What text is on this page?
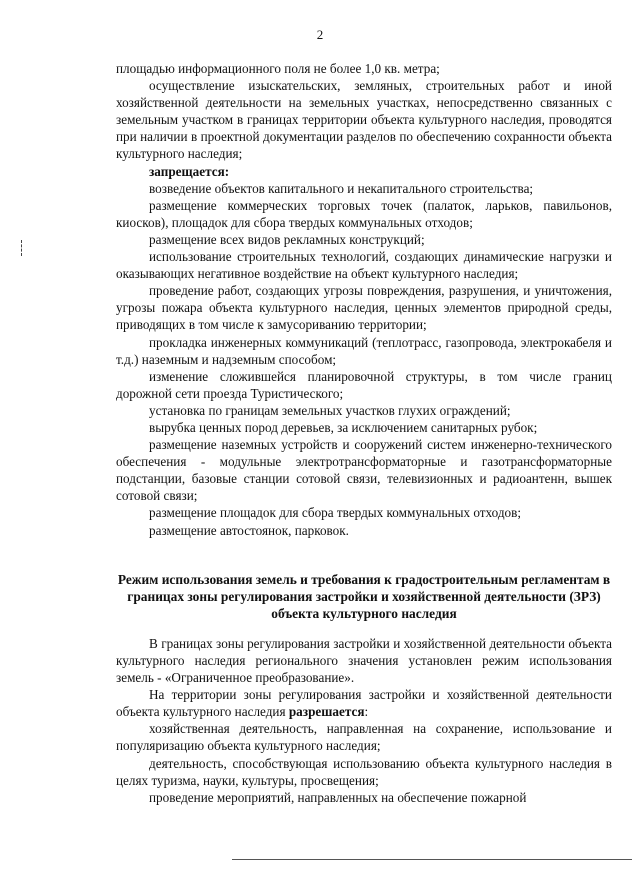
2

площадью информационного поля не более 1,0 кв. метра;

осуществление изыскательских, земляных, строительных работ и иной хозяйственной деятельности на земельных участках, непосредственно связанных с земельным участком в границах территории объекта культурного наследия, проводятся при наличии в проектной документации разделов по обеспечению сохранности объекта культурного наследия;

запрещается:

возведение объектов капитального и некапитального строительства;

размещение коммерческих торговых точек (палаток, ларьков, павильонов, киосков), площадок для сбора твердых коммунальных отходов;

размещение всех видов рекламных конструкций;

использование строительных технологий, создающих динамические нагрузки и оказывающих негативное воздействие на объект культурного наследия;

проведение работ, создающих угрозы повреждения, разрушения, и уничтожения, угрозы пожара объекта культурного наследия, ценных элементов природной среды, приводящих в том числе к замусориванию территории;

прокладка инженерных коммуникаций (теплотрасс, газопровода, электрокабеля и т.д.) наземным и надземным способом;

изменение сложившейся планировочной структуры, в том числе границ дорожной сети проезда Туристического;

установка по границам земельных участков глухих ограждений;

вырубка ценных пород деревьев, за исключением санитарных рубок;

размещение наземных устройств и сооружений систем инженерно-технического обеспечения - модульные электротрансформаторные и газотрансформаторные подстанции, базовые станции сотовой связи, телевизионных и радиоантенн, вышек сотовой связи;

размещение площадок для сбора твердых коммунальных отходов;

размещение автостоянок, парковок.

Режим использования земель и требования к градостроительным регламентам в границах зоны регулирования застройки и хозяйственной деятельности (ЗРЗ) объекта культурного наследия

В границах зоны регулирования застройки и хозяйственной деятельности объекта культурного наследия регионального значения установлен режим использования земель - «Ограниченное преобразование».

На территории зоны регулирования застройки и хозяйственной деятельности объекта культурного наследия разрешается:

хозяйственная деятельность, направленная на сохранение, использование и популяризацию объекта культурного наследия;

деятельность, способствующая использованию объекта культурного наследия в целях туризма, науки, культуры, просвещения;

проведение мероприятий, направленных на обеспечение пожарной
